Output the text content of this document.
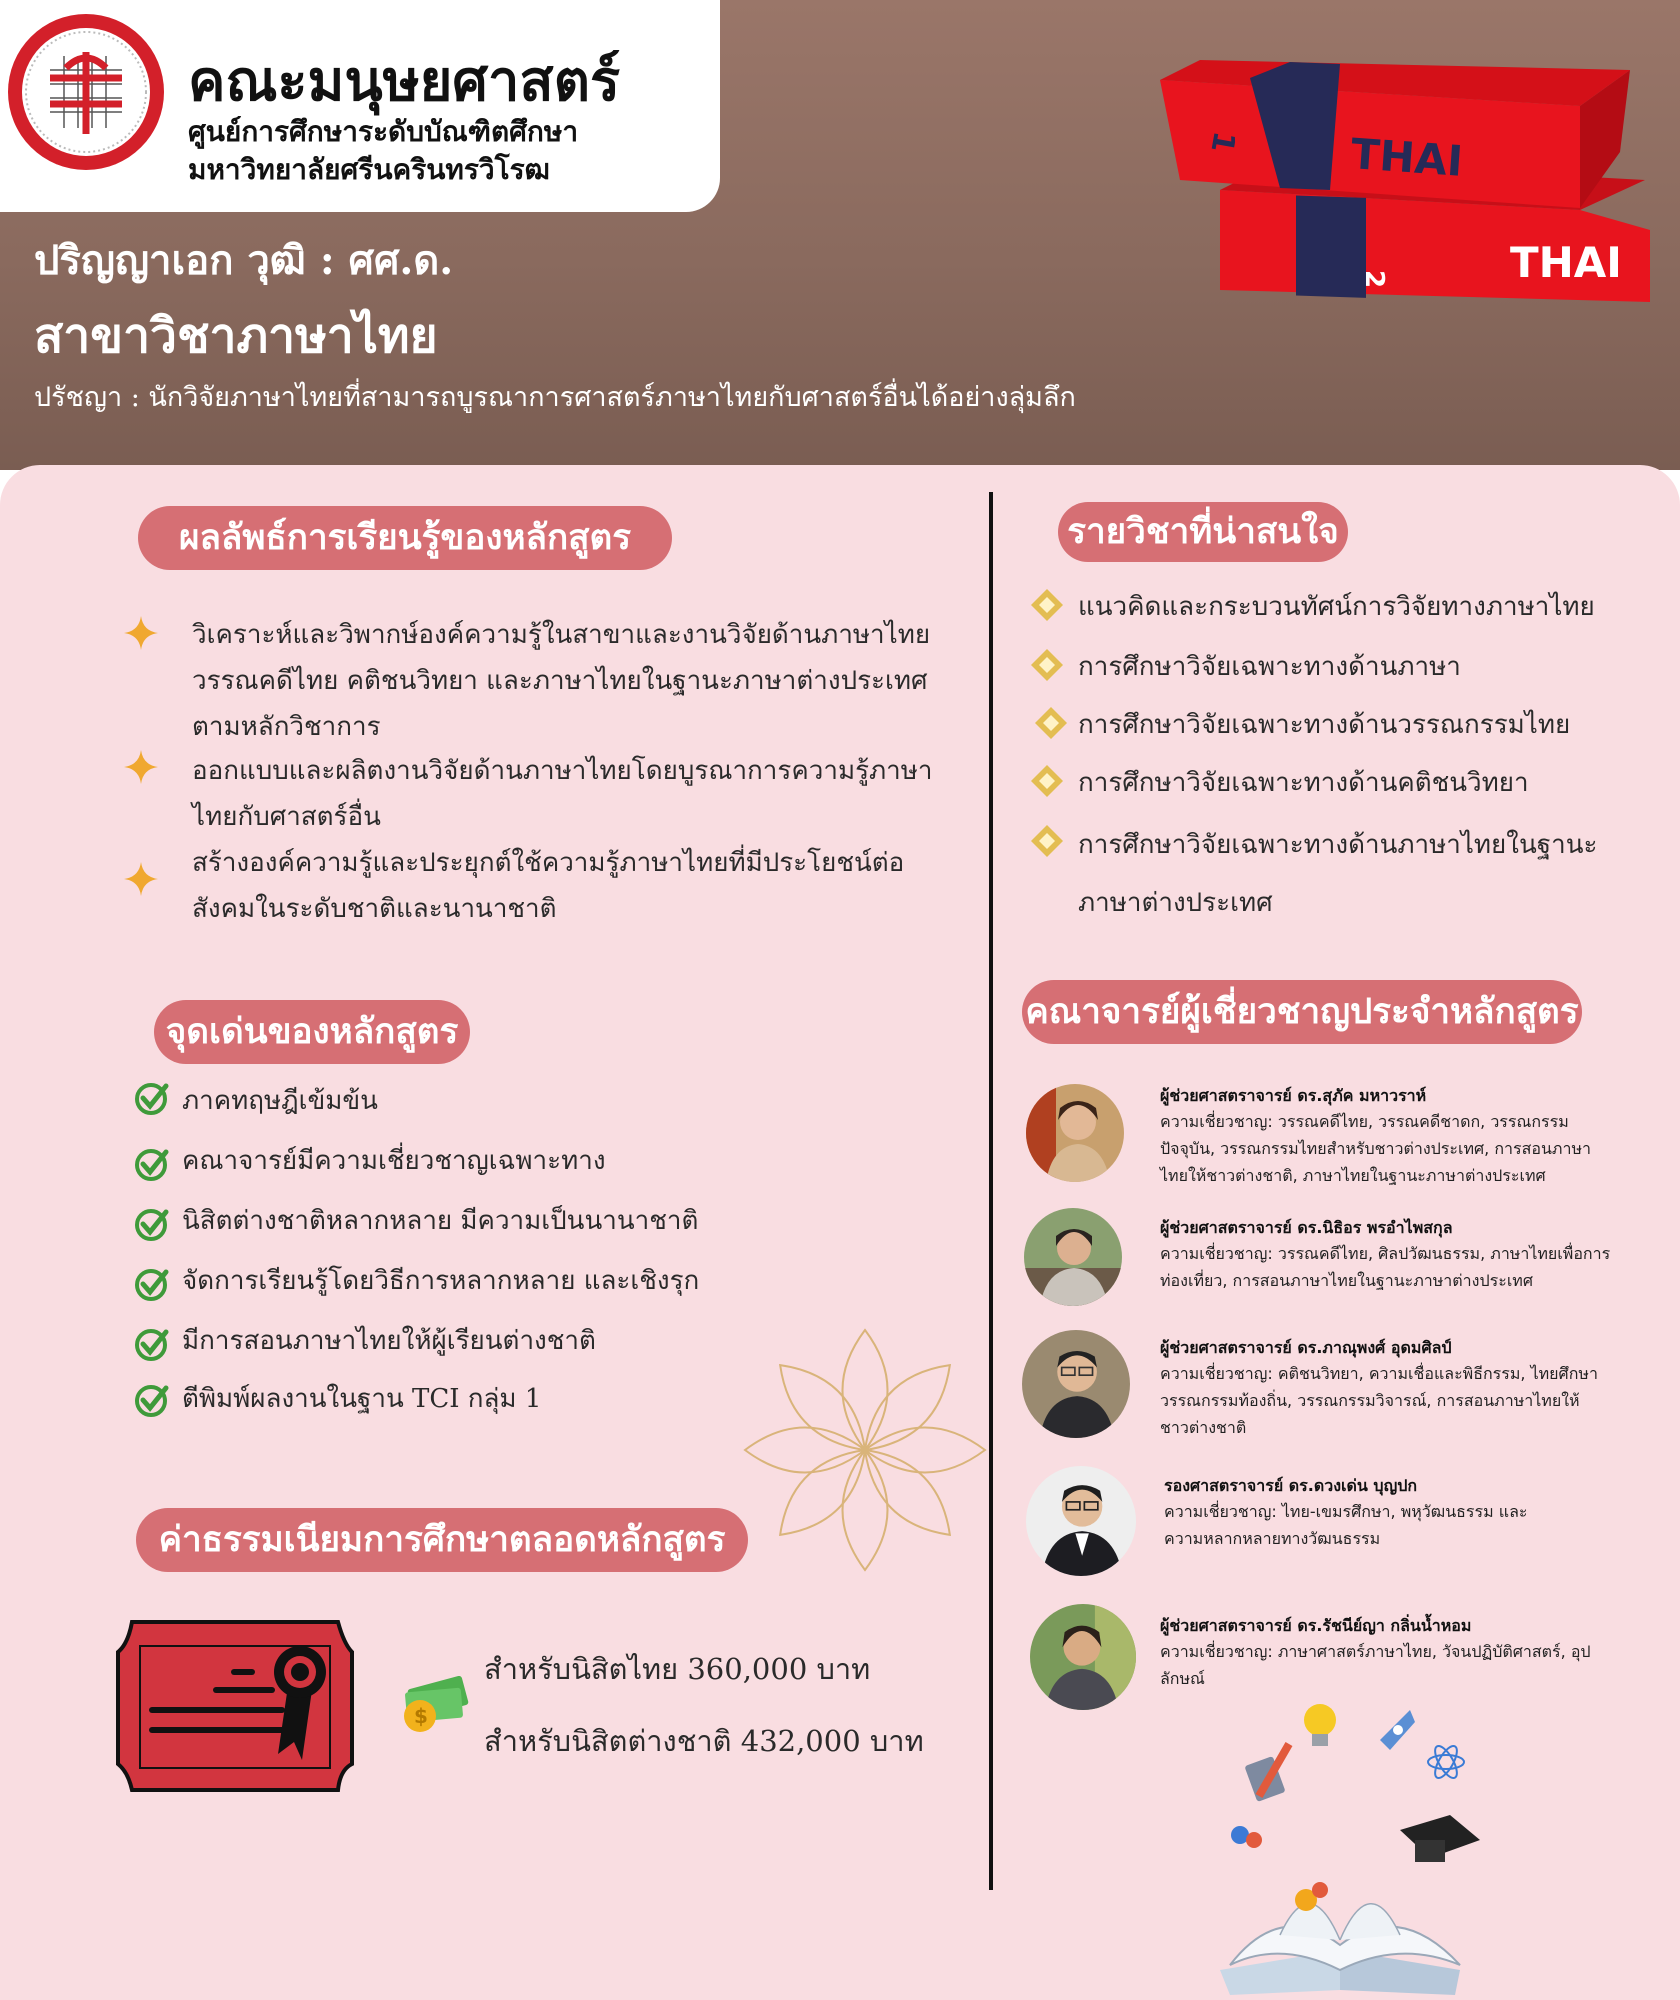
คณะมนุษยศาสตร์
ศูนย์การศึกษาระดับบัณฑิตศึกษา
มหาวิทยาลัยศรีนครินทรวิโรฒ
ปริญญาเอก วุฒิ : ศศ.ด.
สาขาวิชาภาษาไทย
ปรัชญา : นักวิจัยภาษาไทยที่สามารถบูรณาการศาสตร์ภาษาไทยกับศาสตร์อื่นได้อย่างลุ่มลึก
2	THAI
1	THAI
ผลลัพธ์การเรียนรู้ของหลักสูตร
วิเคราะห์และวิพากษ์องค์ความรู้ในสาขาและงานวิจัยด้านภาษาไทย วรรณคดีไทย คติชนวิทยา และภาษาไทยในฐานะภาษาต่างประเทศตามหลักวิชาการ
ออกแบบและผลิตงานวิจัยด้านภาษาไทยโดยบูรณาการความรู้ภาษาไทยกับศาสตร์อื่น
สร้างองค์ความรู้และประยุกต์ใช้ความรู้ภาษาไทยที่มีประโยชน์ต่อสังคมในระดับชาติและนานาชาติ
จุดเด่นของหลักสูตร
ภาคทฤษฎีเข้มข้น
คณาจารย์มีความเชี่ยวชาญเฉพาะทาง
นิสิตต่างชาติหลากหลาย มีความเป็นนานาชาติ
จัดการเรียนรู้โดยวิธีการหลากหลาย และเชิงรุก
มีการสอนภาษาไทยให้ผู้เรียนต่างชาติ
ตีพิมพ์ผลงานในฐาน TCI กลุ่ม 1
ค่าธรรมเนียมการศึกษาตลอดหลักสูตร
$
สำหรับนิสิตไทย 360,000 บาท
สำหรับนิสิตต่างชาติ 432,000 บาท
รายวิชาที่น่าสนใจ
แนวคิดและกระบวนทัศน์การวิจัยทางภาษาไทย
การศึกษาวิจัยเฉพาะทางด้านภาษา
การศึกษาวิจัยเฉพาะทางด้านวรรณกรรมไทย
การศึกษาวิจัยเฉพาะทางด้านคติชนวิทยา
การศึกษาวิจัยเฉพาะทางด้านภาษาไทยในฐานะภาษาต่างประเทศ
คณาจารย์ผู้เชี่ยวชาญประจำหลักสูตร
ผู้ช่วยศาสตราจารย์ ดร.สุภัค มหาวราห์
ความเชี่ยวชาญ: วรรณคดีไทย, วรรณคดีชาดก, วรรณกรรมปัจจุบัน, วรรณกรรมไทยสำหรับชาวต่างประเทศ, การสอนภาษาไทยให้ชาวต่างชาติ, ภาษาไทยในฐานะภาษาต่างประเทศ
ผู้ช่วยศาสตราจารย์ ดร.นิธิอร พรอำไพสกุล
ความเชี่ยวชาญ: วรรณคดีไทย, ศิลปวัฒนธรรม, ภาษาไทยเพื่อการท่องเที่ยว, การสอนภาษาไทยในฐานะภาษาต่างประเทศ
ผู้ช่วยศาสตราจารย์ ดร.ภาณุพงศ์ อุดมศิลป์
ความเชี่ยวชาญ: คติชนวิทยา, ความเชื่อและพิธีกรรม, ไทยศึกษา วรรณกรรมท้องถิ่น, วรรณกรรมวิจารณ์, การสอนภาษาไทยให้ชาวต่างชาติ
รองศาสตราจารย์ ดร.ดวงเด่น บุญปก
ความเชี่ยวชาญ: ไทย-เขมรศึกษา, พหุวัฒนธรรม และความหลากหลายทางวัฒนธรรม
ผู้ช่วยศาสตราจารย์ ดร.รัชนีย์ญา กลิ่นน้ำหอม
ความเชี่ยวชาญ: ภาษาศาสตร์ภาษาไทย, วัจนปฏิบัติศาสตร์, อุปลักษณ์
